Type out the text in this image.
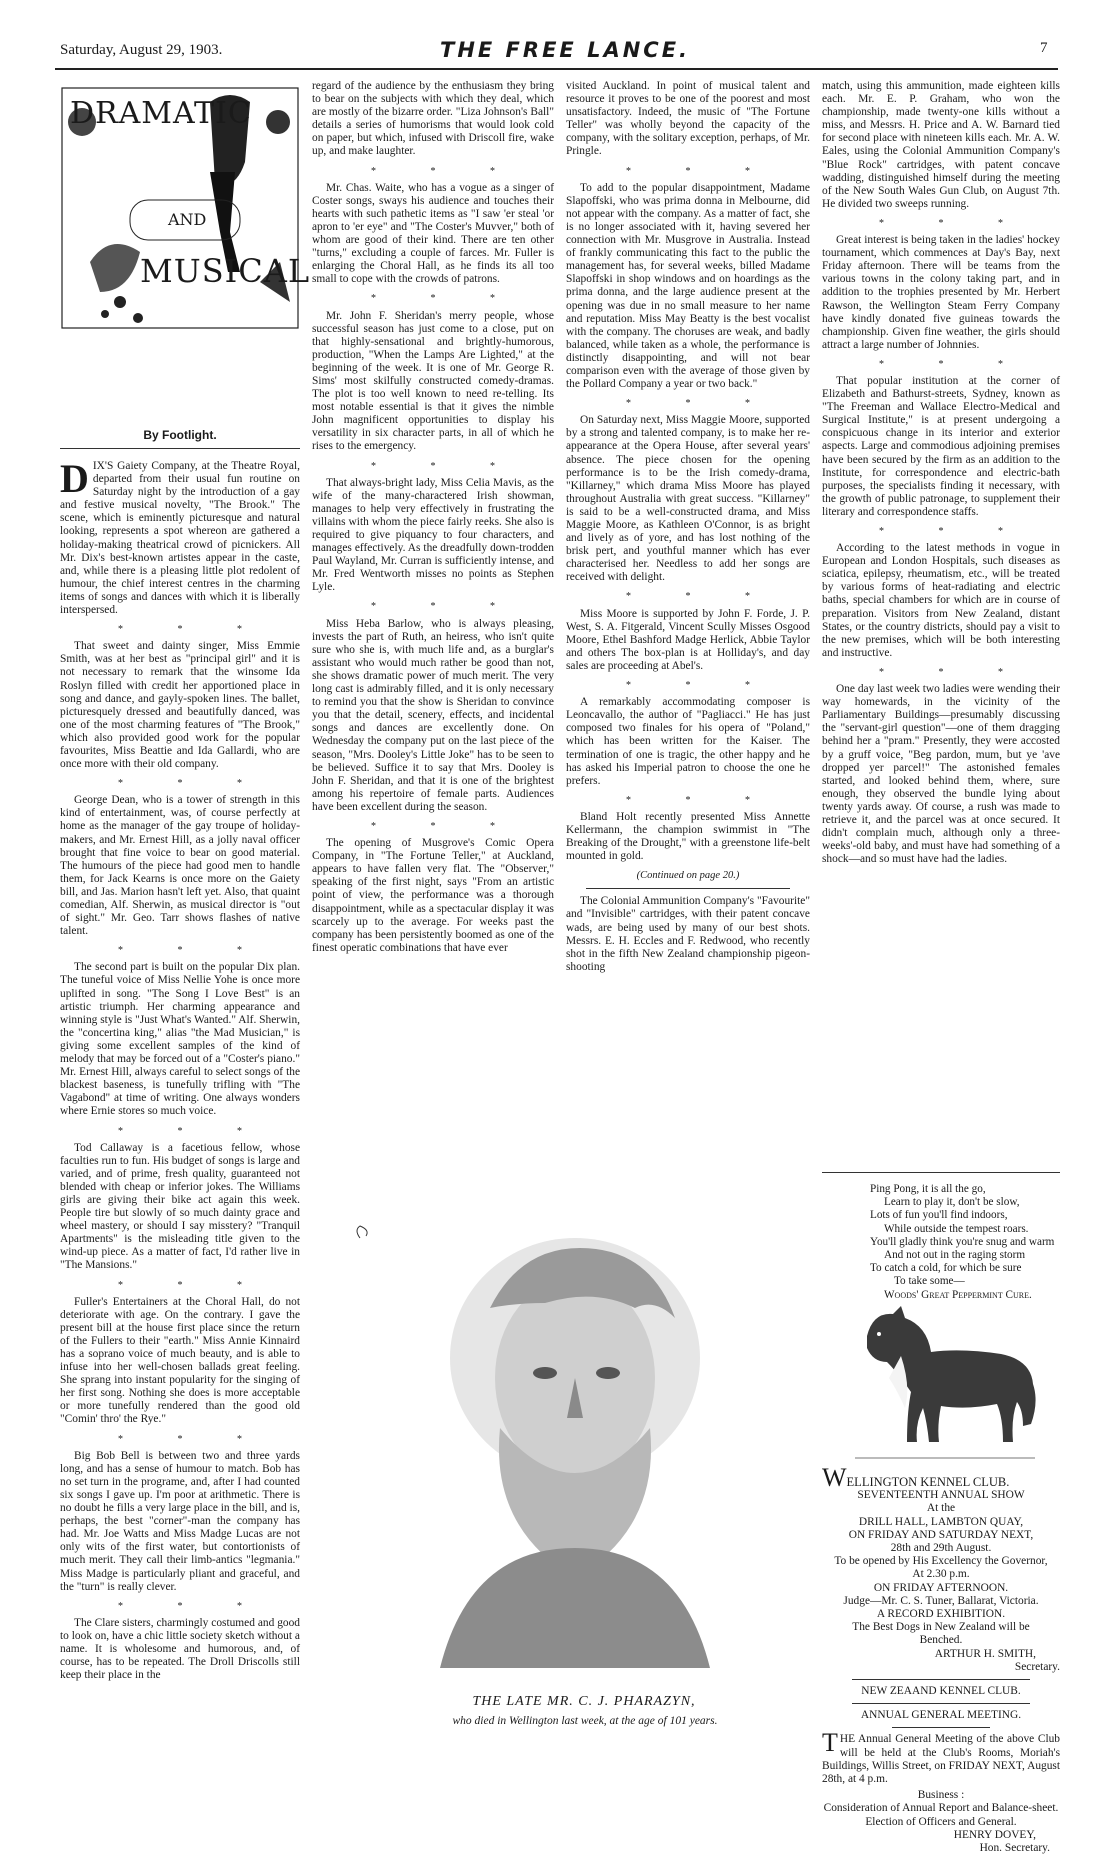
Saturday, August 29, 1903.	THE FREE LANCE.	7
DRAMATIC
AND
MUSICAL
By Footlight.

DIX'S Gaiety Company, at the Theatre Royal, departed from their usual fun routine on Saturday night by the introduction of a gay and festive musical novelty, "The Brook." The scene, which is eminently picturesque and natural looking, represents a spot whereon are gathered a holiday-making theatrical crowd of picnickers. All Mr. Dix's best-known artistes appear in the caste, and, while there is a pleasing little plot redolent of humour, the chief interest centres in the charming items of songs and dances with which it is liberally interspersed.

* * *

That sweet and dainty singer, Miss Emmie Smith, was at her best as "principal girl" and it is not necessary to remark that the winsome Ida Roslyn filled with credit her apportioned place in song and dance, and gayly-spoken lines. The ballet, picturesquely dressed and beautifully danced, was one of the most charming features of "The Brook," which also provided good work for the popular favourites, Miss Beattie and Ida Gallardi, who are once more with their old company.

* * *

George Dean, who is a tower of strength in this kind of entertainment, was, of course perfectly at home as the manager of the gay troupe of holiday-makers, and Mr. Ernest Hill, as a jolly naval officer brought that fine voice to bear on good material. The humours of the piece had good men to handle them, for Jack Kearns is once more on the Gaiety bill, and Jas. Marion hasn't left yet. Also, that quaint comedian, Alf. Sherwin, as musical director is "out of sight." Mr. Geo. Tarr shows flashes of native talent.

* * *

The second part is built on the popular Dix plan. The tuneful voice of Miss Nellie Yohe is once more uplifted in song. "The Song I Love Best" is an artistic triumph. Her charming appearance and winning style is "Just What's Wanted." Alf. Sherwin, the "concertina king," alias "the Mad Musician," is giving some excellent samples of the kind of melody that may be forced out of a "Coster's piano." Mr. Ernest Hill, always careful to select songs of the blackest baseness, is tunefully trifling with "The Vagabond" at time of writing. One always wonders where Ernie stores so much voice.

* * *

Tod Callaway is a facetious fellow, whose faculties run to fun. His budget of songs is large and varied, and of prime, fresh quality, guaranteed not blended with cheap or inferior jokes. The Williams girls are giving their bike act again this week. People tire but slowly of so much dainty grace and wheel mastery, or should I say misstery? "Tranquil Apartments" is the misleading title given to the wind-up piece. As a matter of fact, I'd rather live in "The Mansions."

* * *

Fuller's Entertainers at the Choral Hall, do not deteriorate with age. On the contrary. I gave the present bill at the house first place since the return of the Fullers to their "earth." Miss Annie Kinnaird has a soprano voice of much beauty, and is able to infuse into her well-chosen ballads great feeling. She sprang into instant popularity for the singing of her first song. Nothing she does is more acceptable or more tunefully rendered than the good old "Comin' thro' the Rye."

* * *

Big Bob Bell is between two and three yards long, and has a sense of humour to match. Bob has no set turn in the programe, and, after I had counted six songs I gave up. I'm poor at arithmetic. There is no doubt he fills a very large place in the bill, and is, perhaps, the best "corner"-man the company has had. Mr. Joe Watts and Miss Madge Lucas are not only wits of the first water, but contortionists of much merit. They call their limb-antics "legmania." Miss Madge is particularly pliant and graceful, and the "turn" is really clever.

* * *

The Clare sisters, charmingly costumed and good to look on, have a chic little society sketch without a name. It is wholesome and humorous, and, of course, has to be repeated. The Droll Driscolls still keep their place in the

regard of the audience by the enthusiasm they bring to bear on the subjects with which they deal, which are mostly of the bizarre order. "Liza Johnson's Ball" details a series of humorisms that would look cold on paper, but which, infused with Driscoll fire, wake up, and make laughter.

* * *

Mr. Chas. Waite, who has a vogue as a singer of Coster songs, sways his audience and touches their hearts with such pathetic items as "I saw 'er steal 'or apron to 'er eye" and "The Coster's Muvver," both of whom are good of their kind. There are ten other "turns," excluding a couple of farces. Mr. Fuller is enlarging the Choral Hall, as he finds its all too small to cope with the crowds of patrons.

* * *

Mr. John F. Sheridan's merry people, whose successful season has just come to a close, put on that highly-sensational and brightly-humorous, production, "When the Lamps Are Lighted," at the beginning of the week. It is one of Mr. George R. Sims' most skilfully constructed comedy-dramas. The plot is too well known to need re-telling. Its most notable essential is that it gives the nimble John magnificent opportunities to display his versatility in six character parts, in all of which he rises to the emergency.

* * *

That always-bright lady, Miss Celia Mavis, as the wife of the many-charactered Irish showman, manages to help very effectively in frustrating the villains with whom the piece fairly reeks. She also is required to give piquancy to four characters, and manages effectively. As the dreadfully down-trodden Paul Wayland, Mr. Curran is sufficiently intense, and Mr. Fred Wentworth misses no points as Stephen Lyle.

* * *

Miss Heba Barlow, who is always pleasing, invests the part of Ruth, an heiress, who isn't quite sure who she is, with much life and, as a burglar's assistant who would much rather be good than not, she shows dramatic power of much merit. The very long cast is admirably filled, and it is only necessary to remind you that the show is Sheridan to convince you that the detail, scenery, effects, and incidental songs and dances are excellently done. On Wednesday the company put on the last piece of the season, "Mrs. Dooley's Little Joke" has to be seen to be believed. Suffice it to say that Mrs. Dooley is John F. Sheridan, and that it is one of the brightest among his repertoire of female parts. Audiences have been excellent during the season.

* * *

The opening of Musgrove's Comic Opera Company, in "The Fortune Teller," at Auckland, appears to have fallen very flat. The "Observer," speaking of the first night, says "From an artistic point of view, the performance was a thorough disappointment, while as a spectacular display it was scarcely up to the average. For weeks past the company has been persistently boomed as one of the finest operatic combinations that have ever

visited Auckland. In point of musical talent and resource it proves to be one of the poorest and most unsatisfactory. Indeed, the music of "The Fortune Teller" was wholly beyond the capacity of the company, with the solitary exception, perhaps, of Mr. Pringle.

* * *

To add to the popular disappointment, Madame Slapoffski, who was prima donna in Melbourne, did not appear with the company. As a matter of fact, she is no longer associated with it, having severed her connection with Mr. Musgrove in Australia. Instead of frankly communicating this fact to the public the management has, for several weeks, billed Madame Slapoffski in shop windows and on hoardings as the prima donna, and the large audience present at the opening was due in no small measure to her name and reputation. Miss May Beatty is the best vocalist with the company. The choruses are weak, and badly balanced, while taken as a whole, the performance is distinctly disappointing, and will not bear comparison even with the average of those given by the Pollard Company a year or two back."

* * *

On Saturday next, Miss Maggie Moore, supported by a strong and talented company, is to make her re-appearance at the Opera House, after several years' absence. The piece chosen for the opening performance is to be the Irish comedy-drama, "Killarney," which drama Miss Moore has played throughout Australia with great success. "Killarney" is said to be a well-constructed drama, and Miss Maggie Moore, as Kathleen O'Connor, is as bright and lively as of yore, and has lost nothing of the brisk pert, and youthful manner which has ever characterised her. Needless to add her songs are received with delight.

* * *

Miss Moore is supported by John F. Forde, J. P. West, S. A. Fitgerald, Vincent Scully Misses Osgood Moore, Ethel Bashford Madge Herlick, Abbie Taylor and others The box-plan is at Holliday's, and day sales are proceeding at Abel's.

* * *

A remarkably accommodating composer is Leoncavallo, the author of "Pagliacci." He has just composed two finales for his opera of "Poland," which has been written for the Kaiser. The termination of one is tragic, the other happy and he has asked his Imperial patron to choose the one he prefers.

* * *

Bland Holt recently presented Miss Annette Kellermann, the champion swimmist in "The Breaking of the Drought," with a greenstone life-belt mounted in gold.

(Continued on page 20.)

The Colonial Ammunition Company's "Favourite" and "Invisible" cartridges, with their patent concave wads, are being used by many of our best shots. Messrs. E. H. Eccles and F. Redwood, who recently shot in the fifth New Zealand championship pigeon-shooting

match, using this ammunition, made eighteen kills each. Mr. E. P. Graham, who won the championship, made twenty-one kills without a miss, and Messrs. H. Price and A. W. Barnard tied for second place with nineteen kills each. Mr. A. W. Eales, using the Colonial Ammunition Company's "Blue Rock" cartridges, with patent concave wadding, distinguished himself during the meeting of the New South Wales Gun Club, on August 7th. He divided two sweeps running.

* * *

Great interest is being taken in the ladies' hockey tournament, which commences at Day's Bay, next Friday afternoon. There will be teams from the various towns in the colony taking part, and in addition to the trophies presented by Mr. Herbert Rawson, the Wellington Steam Ferry Company have kindly donated five guineas towards the championship. Given fine weather, the girls should attract a large number of Johnnies.

* * *

That popular institution at the corner of Elizabeth and Bathurst-streets, Sydney, known as "The Freeman and Wallace Electro-Medical and Surgical Institute," is at present undergoing a conspicuous change in its interior and exterior aspects. Large and commodious adjoining premises have been secured by the firm as an addition to the Institute, for correspondence and electric-bath purposes, the specialists finding it necessary, with the growth of public patronage, to supplement their literary and correspondence staffs.

* * *

According to the latest methods in vogue in European and London Hospitals, such diseases as sciatica, epilepsy, rheumatism, etc., will be treated by various forms of heat-radiating and electric baths, special chambers for which are in course of preparation. Visitors from New Zealand, distant States, or the country districts, should pay a visit to the new premises, which will be both interesting and instructive.

* * *

One day last week two ladies were wending their way homewards, in the vicinity of the Parliamentary Buildings—presumably discussing the "servant-girl question"—one of them dragging behind her a "pram." Presently, they were accosted by a gruff voice, "Beg pardon, mum, but ye 'ave dropped yer parcel!" The astonished females started, and looked behind them, where, sure enough, they observed the bundle lying about twenty yards away. Of course, a rush was made to retrieve it, and the parcel was at once secured. It didn't complain much, although only a three-weeks'-old baby, and must have had something of a shock—and so must have had the ladies.

Ping Pong, it is all the go,
Learn to play it, don't be slow,
Lots of fun you'll find indoors,
While outside the tempest roars.
You'll gladly think you're snug and warm
And not out in the raging storm
To catch a cold, for which be sure
To take some—
Woods' Great Peppermint Cure.
WELLINGTON KENNEL CLUB.
SEVENTEENTH ANNUAL SHOW
At the
DRILL HALL, LAMBTON QUAY,
ON FRIDAY AND SATURDAY NEXT,
28th and 29th August.
To be opened by His Excellency the Governor,
At 2.30 p.m.
ON FRIDAY AFTERNOON.
Judge—Mr. C. S. Tuner, Ballarat, Victoria.
A RECORD EXHIBITION.
The Best Dogs in New Zealand will be
Benched.
ARTHUR H. SMITH,
Secretary.
NEW ZEAAND KENNEL CLUB.
ANNUAL GENERAL MEETING.
THE Annual General Meeting of the above Club will be held at the Club's Rooms, Moriah's Buildings, Willis Street, on FRIDAY NEXT, August 28th, at 4 p.m.
Business :
Consideration of Annual Report and Balance-sheet.
Election of Officers and General.
HENRY DOVEY,
Hon. Secretary.
THE LATE MR. C. J. PHARAZYN,
who died in Wellington last week, at the age of 101 years.
